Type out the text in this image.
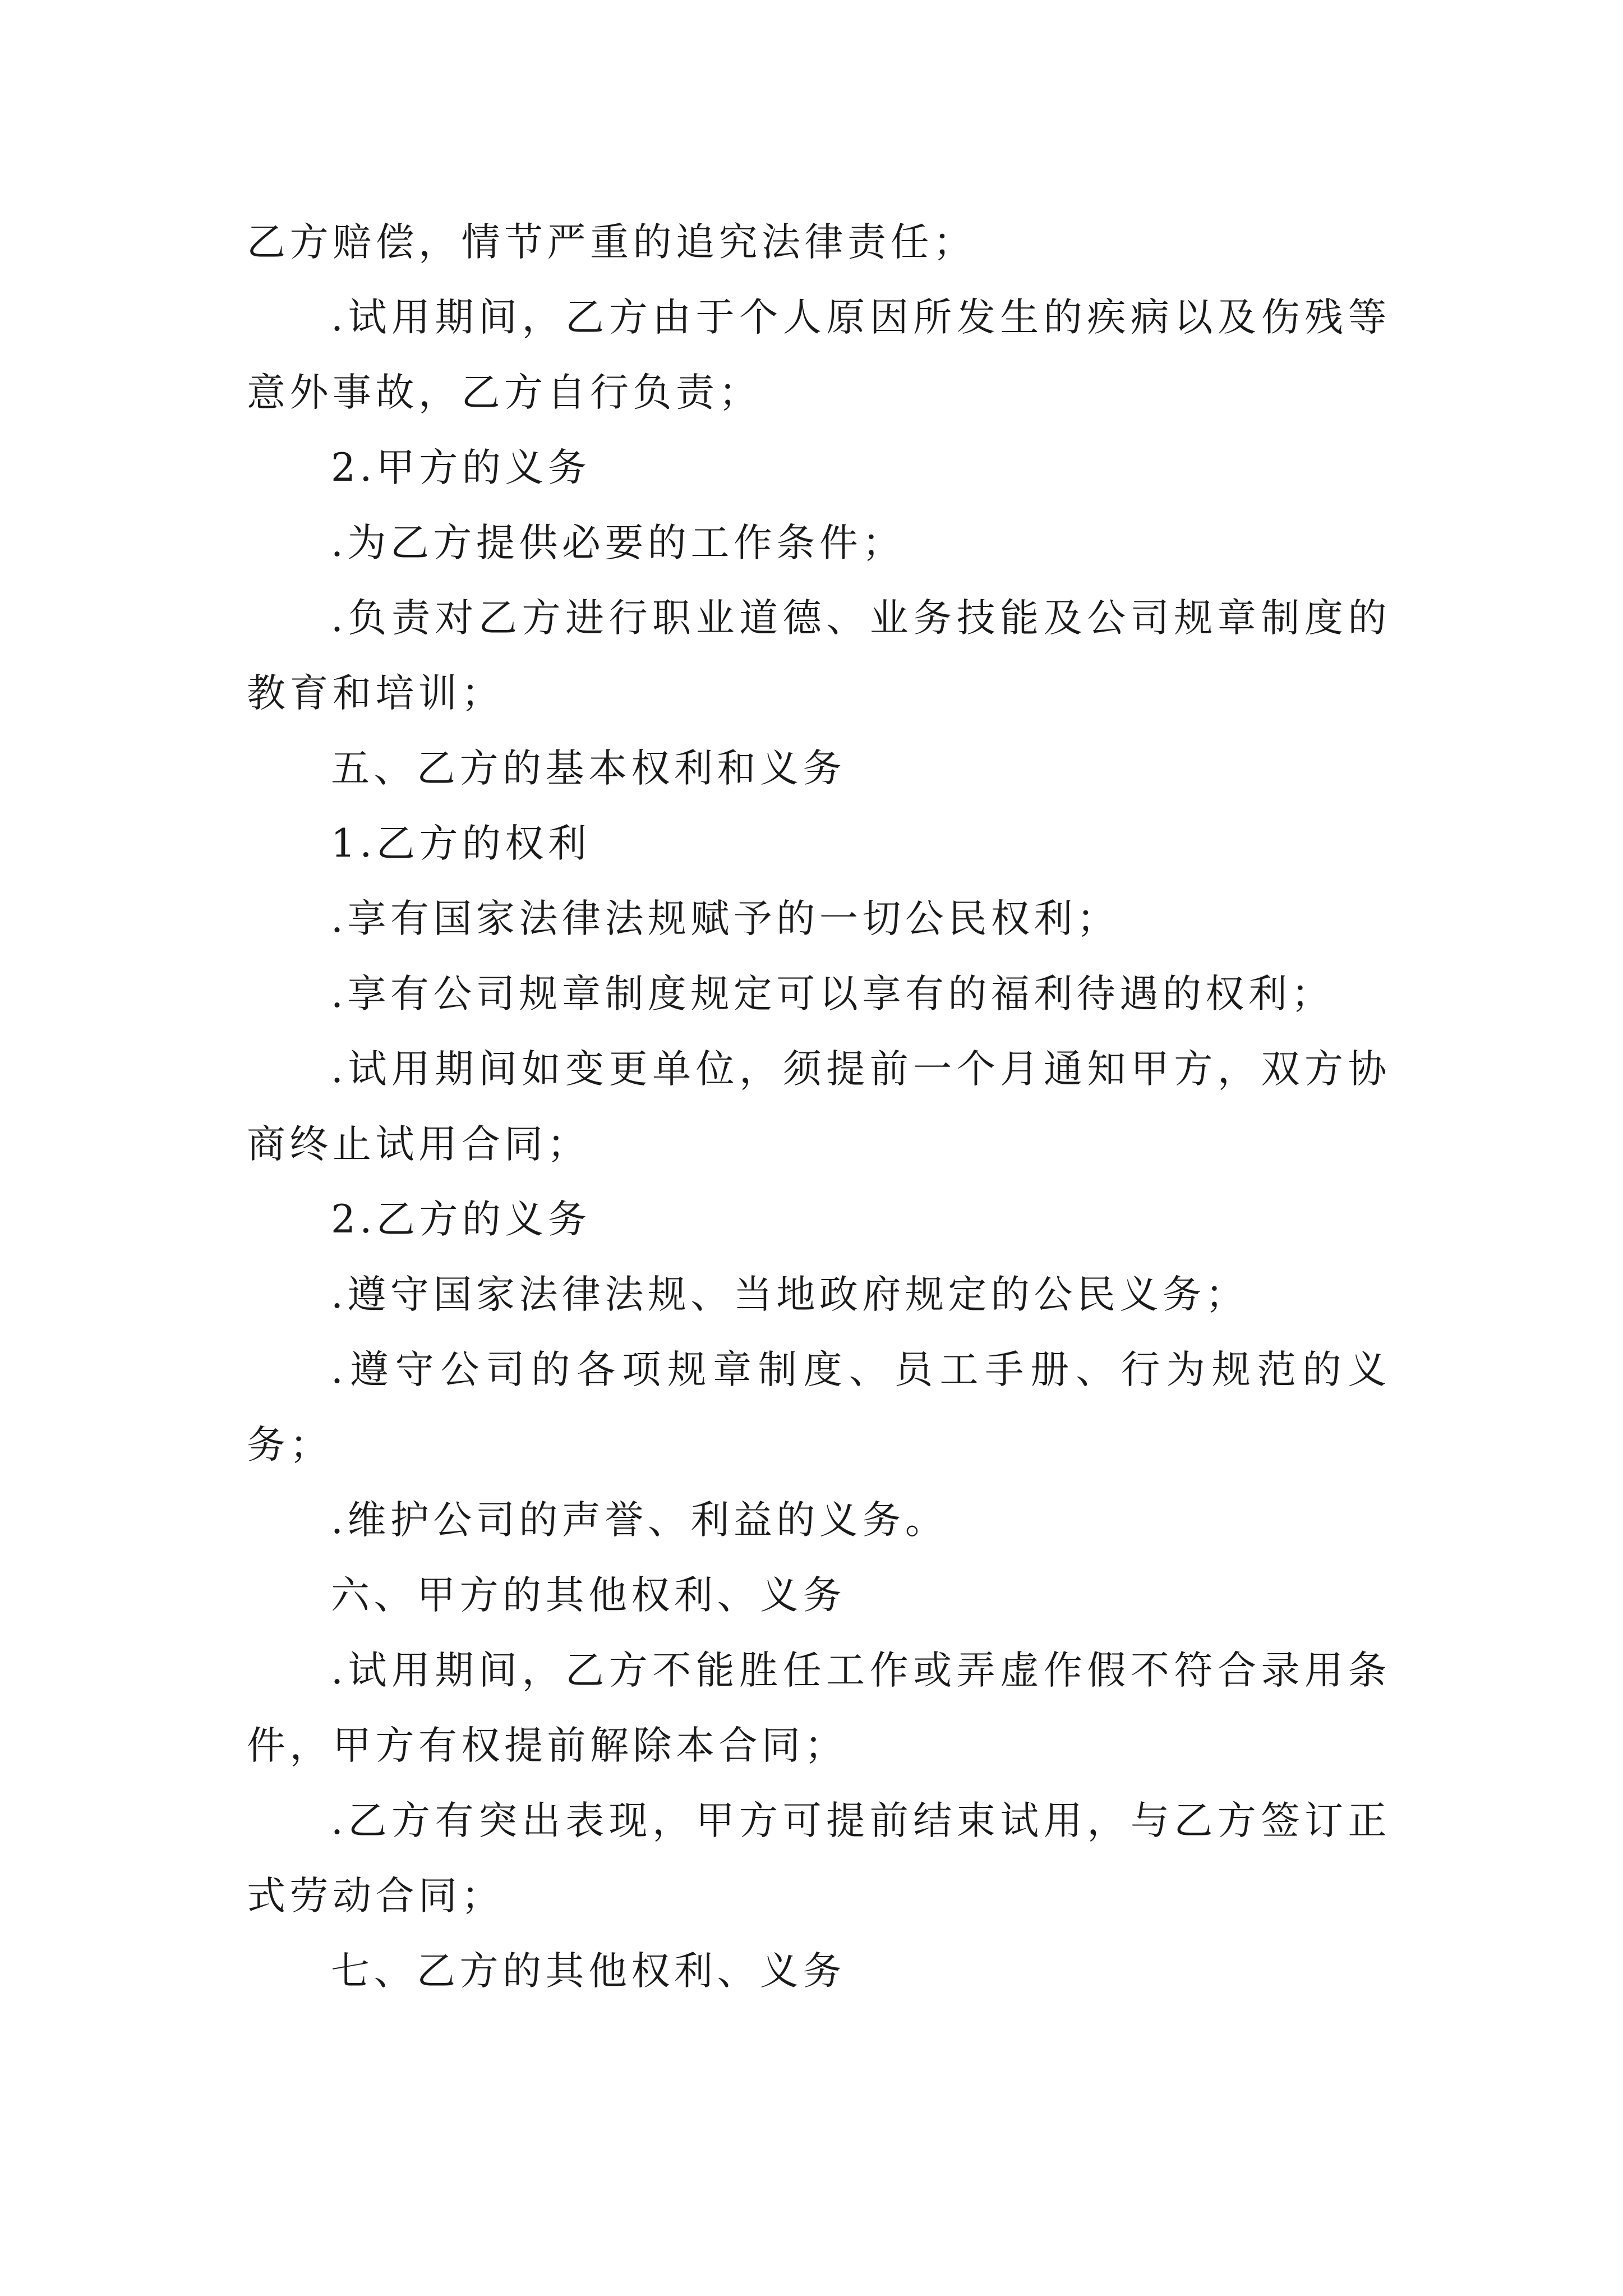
乙方赔偿，情节严重的追究法律责任；

.试用期间，乙方由于个人原因所发生的疾病以及伤残等意外事故，乙方自行负责；

2.甲方的义务

.为乙方提供必要的工作条件；

.负责对乙方进行职业道德、业务技能及公司规章制度的教育和培训；

五、乙方的基本权利和义务

1.乙方的权利

.享有国家法律法规赋予的一切公民权利；

.享有公司规章制度规定可以享有的福利待遇的权利；

.试用期间如变更单位，须提前一个月通知甲方，双方协商终止试用合同；

2.乙方的义务

.遵守国家法律法规、当地政府规定的公民义务；

.遵守公司的各项规章制度、员工手册、行为规范的义务；

.维护公司的声誉、利益的义务。

六、甲方的其他权利、义务

.试用期间，乙方不能胜任工作或弄虚作假不符合录用条件，甲方有权提前解除本合同；

.乙方有突出表现，甲方可提前结束试用，与乙方签订正式劳动合同；

七、乙方的其他权利、义务
